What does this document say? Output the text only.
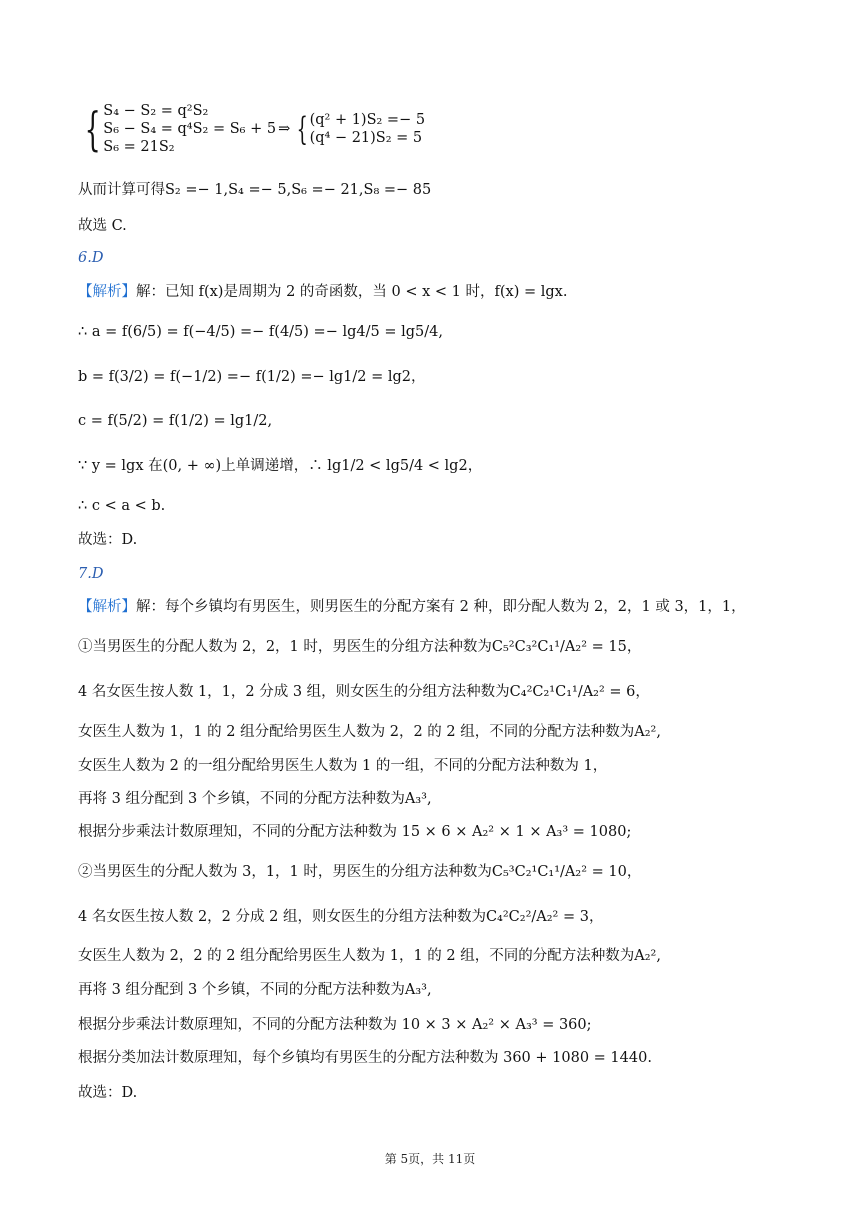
{ S₄ − S₂ = q²S₂
S₆ − S₄ = q⁴S₂ = S₆ + 5
S₆ = 21S₂
⇒ { (q² + 1)S₂ =− 5
(q⁴ − 21)S₂ = 5
从而计算可得S₂ =− 1,S₄ =− 5,S₆ =− 21,S₈ =− 85
故选 C.
6.D
【解析】解：已知 f(x)是周期为 2 的奇函数，当 0 < x < 1 时，f(x) = lgx.
∴ a = f(6/5) = f(−4/5) =− f(4/5) =− lg4/5 = lg5/4,
b = f(3/2) = f(−1/2) =− f(1/2) =− lg1/2 = lg2，
c = f(5/2) = f(1/2) = lg1/2,
∵ y = lgx 在(0, + ∞)上单调递增，∴ lg1/2 < lg5/4 < lg2，
∴ c < a < b.
故选：D.
7.D
【解析】解：每个乡镇均有男医生，则男医生的分配方案有 2 种，即分配人数为 2，2，1 或 3，1，1，
①当男医生的分配人数为 2，2，1 时，男医生的分组方法种数为C₅²C₃²C₁¹/A₂² = 15，
4 名女医生按人数 1，1，2 分成 3 组，则女医生的分组方法种数为C₄²C₂¹C₁¹/A₂² = 6，
女医生人数为 1，1 的 2 组分配给男医生人数为 2，2 的 2 组，不同的分配方法种数为A₂²,
女医生人数为 2 的一组分配给男医生人数为 1 的一组，不同的分配方法种数为 1，
再将 3 组分配到 3 个乡镇，不同的分配方法种数为A₃³,
根据分步乘法计数原理知，不同的分配方法种数为 15 × 6 × A₂² × 1 × A₃³ = 1080;
②当男医生的分配人数为 3，1，1 时，男医生的分组方法种数为C₅³C₂¹C₁¹/A₂² = 10，
4 名女医生按人数 2，2 分成 2 组，则女医生的分组方法种数为C₄²C₂²/A₂² = 3，
女医生人数为 2，2 的 2 组分配给男医生人数为 1，1 的 2 组，不同的分配方法种数为A₂²,
再将 3 组分配到 3 个乡镇，不同的分配方法种数为A₃³,
根据分步乘法计数原理知，不同的分配方法种数为 10 × 3 × A₂² × A₃³ = 360;
根据分类加法计数原理知，每个乡镇均有男医生的分配方法种数为 360 + 1080 = 1440.
故选：D.
第 5页，共 11页
